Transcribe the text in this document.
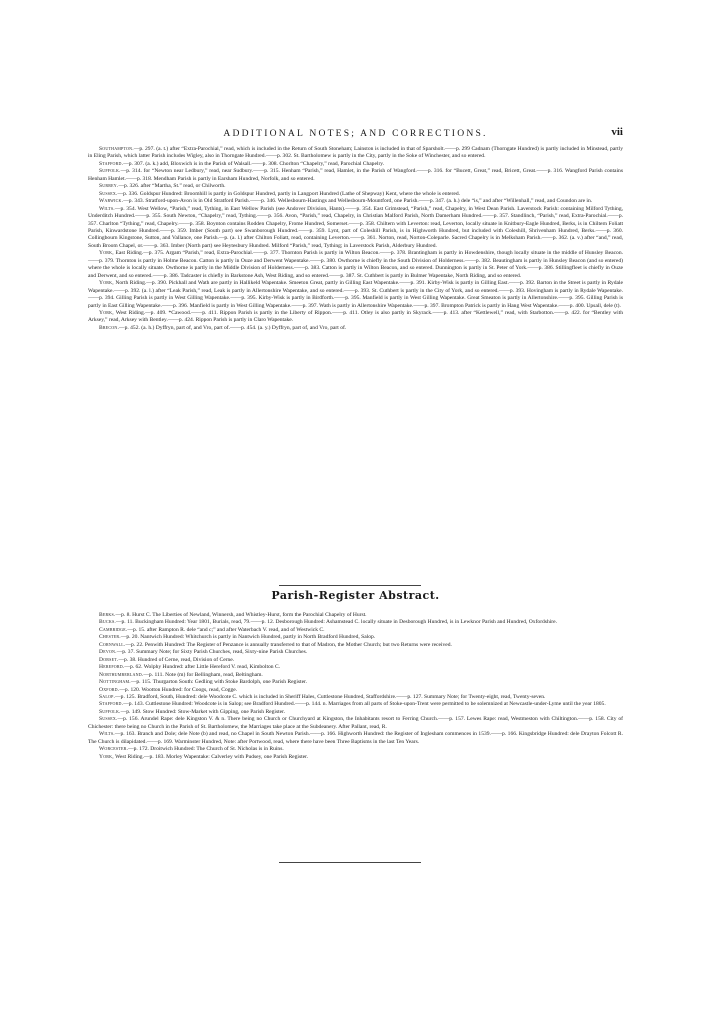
ADDITIONAL NOTES; AND CORRECTIONS.	vii

Southampton.—p. 297. (a. t.) after “Extra-Parochial,” read, which is included in the Return of South Stoneham; Lainston is included in that of Sparsholt.——p. 299 Cadnam (Thorngate Hundred) is partly included in Minstead, partly in Eling Parish, which latter Parish includes Wigley, also in Thorngate Hundred.——p. 302. St. Bartholomew is partly in the City, partly in the Soke of Winchester, and so entered.

Stafford.—p. 307. (a. k.) add, Bloxwich is in the Parish of Walsall.——p. 308. Chorlton “Chapelry,” read, Parochial Chapelry.

Suffolk.—p. 314. for “Newton near Ledbury,” read, near Sudbury.——p. 315. Henham “Parish,” read, Hamlet, in the Parish of Wangford.——p. 316. for “Bucett, Great,” read, Bricett, Great.——p. 316. Wangford Parish contains Henham Hamlet.——p. 318. Mendham Parish is partly in Earsham Hundred, Norfolk, and so entered.

Surrey.—p. 326. after “Martha, St.” read, or Chilworth.

Sussex.—p. 336. Goldspur Hundred: Broomhill is partly in Goldspur Hundred, partly in Langport Hundred (Lathe of Shepway) Kent, where the whole is entered.

Warwick.—p. 343. Stratford-upon-Avon is in Old Stratford Parish.——p. 346. Wellesbourn-Hastings and Wellesbourn-Mountford, one Parish.——p. 347. (a. h.) dele “is,” and after “Willenhall,” read, and Coundon are in.

Wilts.—p. 354. West Wellow, “Parish,” read, Tything, in East Wellow Parish (see Andover Division, Hants).——p. 354. East Grimstead, “Parish,” read, Chapelry, in West Dean Parish. Laverstock Parish: containing Milford Tything, Underditch Hundred.——p. 355. South Newton, “Chapelry,” read, Tything.——p. 356. Avon, “Parish,” read, Chapelry, in Christian Malford Parish, North Damerham Hundred.——p. 357. Standlinch, “Parish,” read, Extra-Parochial.——p. 357. Charlton “Tything,” read, Chapelry.——p. 358. Boynton contains Rodden Chapelry, Frome Hundred, Somerset.——p. 358. Chiltern with Leverton: read, Leverton, locally situate in Knitbury-Eagle Hundred, Berks, is in Chiltern Foliatt Parish, Kinwardstone Hundred.——p. 359. Imber (South part) see Swanborough Hundred.——p. 359. Lynt, part of Coleshill Parish, is in Highworth Hundred, but included with Coleshill, Shrivenham Hundred, Berks.——p. 360. Collingbourn Kingstone, Sutton, and Vallance, one Parish.—p. (a. l.) after Chilton Foliatt, read, containing Leverton.——p. 361. Norton, read, Norton-Coleparle. Sacred Chapelry is in Melksham Parish.——p. 362. (a. v.) after “and,” read, South Broom Chapel, or.——p. 363. Imber (North part) see Heytesbury Hundred. Milford “Parish,” read, Tything; in Laverstock Parish, Alderbury Hundred.

York, East Riding.—p. 375. Argam “Parish,” read, Extra-Parochial.——p. 377. Thornton Parish is partly in Wilton Beacon.——p. 378. Brantingham is partly in Howdenshire, though locally situate in the middle of Hunsley Beacon.——p. 379. Thornton is partly in Holme Beacon. Catton is partly in Ouze and Derwent Wapentake.——p. 380. Owthorne is chiefly in the South Division of Holderness.——p. 382. Beautingham is partly in Hunsley Beacon (and so entered) where the whole is locally situate. Owthorne is partly in the Middle Division of Holderness.——p. 383. Catton is partly in Wilton Beacon, and so entered. Dunnington is partly in St. Peter of York.——p. 386. Stillingfleet is chiefly in Ouze and Derwent, and so entered.——p. 386. Tadcaster is chiefly in Barkstone Ash, West Riding, and so entered.——p. 387. St. Cuthbert is partly in Bulmer Wapentake, North Riding, and so entered.

York, North Riding.—p. 390. Pickhall and Wath are partly in Hallikeld Wapentake. Smeeton Great, partly in Gilling East Wapentake.——p. 391. Kirby-Wisk is partly in Gilling East.——p. 392. Barton in the Street is partly in Rydale Wapentake.——p. 392. (a. l.) after “Leak Parish,” read, Leak is partly in Allertonshire Wapentake, and so entered.——p. 393. St. Cuthbert is partly in the City of York, and so entered.——p. 393. Hovingham is partly in Rydale Wapentake.——p. 394. Gilling Parish is partly in West Gilling Wapentake.——p. 395. Kirby-Wisk is partly in Birdforth.——p. 395. Manfield is partly in West Gilling Wapentake. Great Smeaton is partly in Allertonshire.——p. 395. Gilling Parish is partly in East Gilling Wapentake.——p. 396. Manfield is partly in West Gilling Wapentake.——p. 397. Wath is partly in Allertonshire Wapentake.——p. 397. Brompton Patrick is partly in Hang West Wapentake.——p. 400. Upsall, dele (t).

York, West Riding.—p. 409. *Cawood.——p. 411. Rippon Parish is partly in the Liberty of Rippon.——p. 411. Otley is also partly in Skyrack.——p. 413. after “Kettlewell,” read, with Starbotton.——p. 422. for “Bentley with Arksey,” read, Arksey with Bentley.——p. 424. Rippon Parish is partly in Claro Wapentake.

Brecon.—p. 452. (a. h.) Dyffryn, part of, and Vro, part of.——p. 454. (a. y.) Dyffryn, part of, and Vro, part of.

Parish-Register Abstract.

Berks.—p. 8. Hurst C. The Liberties of Newland, Winnersh, and Whistley-Hurst, form the Parochial Chapelry of Hurst.

Bucks.—p. 11. Buckingham Hundred: Year 1801, Burials, read, 79.——p. 12. Desborough Hundred: Ashamstead C. locally situate in Desborough Hundred, is in Lewknor Parish and Hundred, Oxfordshire.

Cambridge.—p. 15. after Rampton R. dele “and c;” and after Waterbach V. read, and of Westwick C.

Chester.—p. 20. Nantwich Hundred: Whitchurch is partly in Nantwich Hundred, partly in North Bradford Hundred, Salop.

Cornwall.—p. 22. Penwith Hundred: The Register of Penzance is annually transferred to that of Madron, the Mother Church; but two Returns were received.

Devon.—p. 37. Summary Note; for Sixty Parish Churches, read, Sixty-nine Parish Churches.

Dorset.—p. 38. Hundred of Cerne, read, Division of Cerne.

Hereford.—p. 62. Wolphy Hundred: after Little Hereford V. read, Kimbolton C.

Northumberland.—p. 111. Note (m) for Bellingham, read, Beltingham.

Nottingham.—p. 115. Thurgarton South: Gedling with Stoke Bardolph, one Parish Register.

Oxford.—p. 120. Wootton Hundred: for Coogs, read, Cogge.

Salop.—p. 125. Bradford, South, Hundred: dele Woodcote C. which is included in Sheriff Hales, Cuttlestone Hundred, Staffordshire.——p. 127. Summary Note; for Twenty-eight, read, Twenty-seven.

Stafford.—p. 143. Cuttlestone Hundred: Woodcote is in Salop; see Bradford Hundred.——p. 144. n. Marriages from all parts of Stoke-upon-Trent were permitted to be solemnized at Newcastle-under-Lyme until the year 1805.

Suffolk.—p. 149. Stow Hundred: Stow-Market with Gipping, one Parish Register.

Sussex.—p. 156. Arundel Rape: dele Kingston V. & n. There being no Church or Churchyard at Kingston, the Inhabitants resort to Ferring Church.——p. 157. Lewes Rape: read, Westmeston with Chiltington.——p. 158. City of Chichester: there being no Church in the Parish of St. Bartholomew, the Marriages take place at the Subdeanery. After Pallant, read, R.

Wilts.—p. 163. Branch and Dole; dele Note (b) and read, no Chapel in South Newton Parish.——p. 166. Highworth Hundred: the Register of Inglesham commences in 1539.——p. 166. Kingsbridge Hundred: dele Drayton Folcott R. The Church is dilapidated.——p. 169. Warminster Hundred, Note: after Portwood, read, where there have been Three Baptisms in the last Ten Years.

Worcester.—p. 172. Droitwich Hundred: The Church of St. Nicholas is in Ruins.

York, West Riding.—p. 183. Morley Wapentake: Calverley with Pudsey, one Parish Register.
